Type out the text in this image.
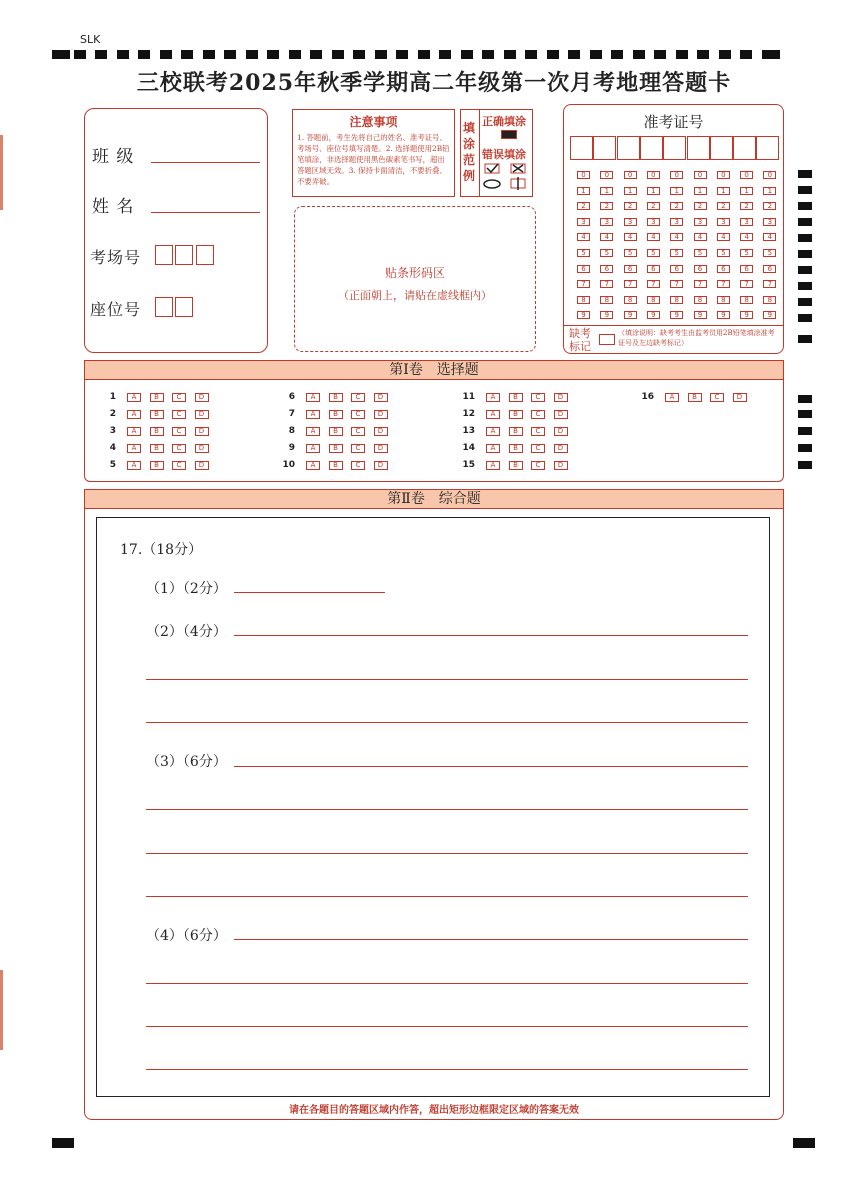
SLK
三校联考2025年秋季学期高二年级第一次月考地理答题卡
班 级
姓 名
考场号
座位号
注意事项
1. 答题前，考生先将自己的姓名、准考证号、考场号、座位号填写清楚。2. 选择题使用2B铅笔填涂，非选择题使用黑色碳素笔书写，超出答题区域无效。3. 保持卡面清洁，不要折叠、不要弄破。
填涂范例
正确填涂
错误填涂
贴条形码区
（正面朝上，请贴在虚线框内）
准考证号
缺考标记
（填涂说明：缺考考生由监考员用2B铅笔填涂准考证号及左边缺考标记）
0	0	0	0	0	0	0	0	0
1	1	1	1	1	1	1	1	1
2	2	2	2	2	2	2	2	2
3	3	3	3	3	3	3	3	3
4	4	4	4	4	4	4	4	4
5	5	5	5	5	5	5	5	5
6	6	6	6	6	6	6	6	6
7	7	7	7	7	7	7	7	7
8	8	8	8	8	8	8	8	8
9	9	9	9	9	9	9	9	9
第Ⅰ卷　选择题
1	A	B	C	D
2	A	B	C	D
3	A	B	C	D
4	A	B	C	D
5	A	B	C	D
6	A	B	C	D
7	A	B	C	D
8	A	B	C	D
9	A	B	C	D
10	A	B	C	D
11	A	B	C	D
12	A	B	C	D
13	A	B	C	D
14	A	B	C	D
15	A	B	C	D
16	A	B	C	D
第Ⅱ卷　综合题
17.（18分）
（1）（2分）
（2）（4分）
（3）（6分）
（4）（6分）
请在各题目的答题区域内作答，超出矩形边框限定区域的答案无效
